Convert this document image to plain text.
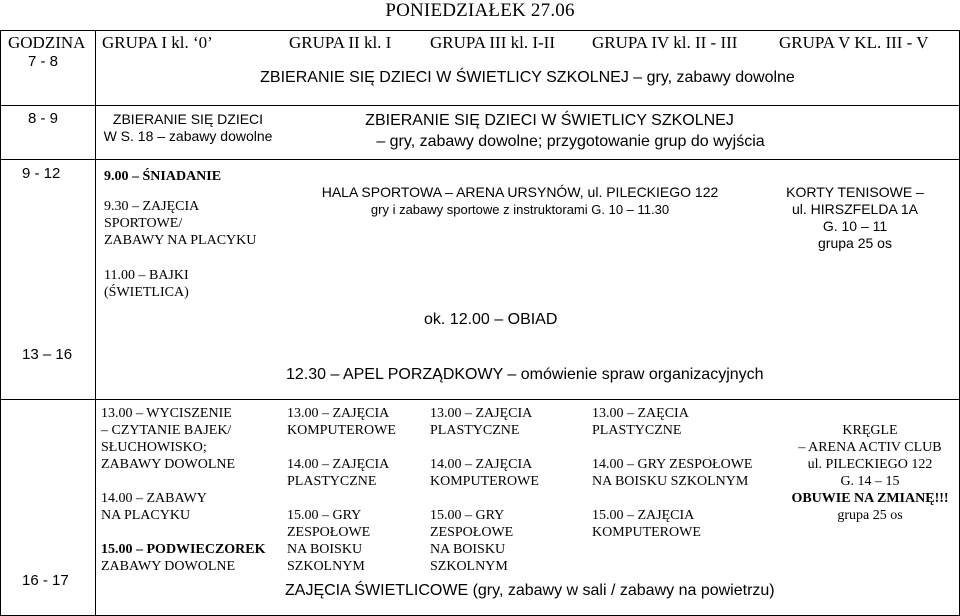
PONIEDZIAŁEK 27.06
GODZINA GRUPA I kl. ‘0’	GRUPA II kl. I GRUPA III kl. I-II GRUPA IV kl. II - III GRUPA V KL. III - V
7 - 8
8 - 9
9 - 12
13 – 16
16 - 17
ZBIERANIE SIĘ DZIECI W ŚWIETLICY SZKOLNEJ – gry, zabawy dowolne

ZBIERANIE SIĘ DZIECI

W S. 18 – zabawy dowolne

ZBIERANIE SIĘ DZIECI W ŚWIETLICY SZKOLNEJ

– gry, zabawy dowolne; przygotowanie grup do wyjścia

9.00 – ŚNIADANIE

9.30 – ZAJĘCIA

SPORTOWE/

ZABAWY NA PLACYKU

11.00 – BAJKI

(ŚWIETLICA)

HALA SPORTOWA – ARENA URSYNÓW, ul. PILECKIEGO 122

gry i zabawy sportowe z instruktorami G. 10 – 11.30

KORTY TENISOWE –

ul. HIRSZFELDA 1A

G. 10 – 11

grupa 25 os

ok. 12.00 – OBIAD
12.30 – APEL PORZĄDKOWY – omówienie spraw organizacyjnych

13.00 – WYCISZENIE

– CZYTANIE BAJEK/

SŁUCHOWISKO;

ZABAWY DOWOLNE

14.00 – ZABAWY

NA PLACYKU

15.00 – PODWIECZOREK

ZABAWY DOWOLNE

13.00 – ZAJĘCIA

KOMPUTEROWE

14.00 – ZAJĘCIA

PLASTYCZNE

15.00 – GRY

ZESPOŁOWE

NA BOISKU

SZKOLNYM

13.00 – ZAJĘCIA

PLASTYCZNE

14.00 – ZAJĘCIA

KOMPUTEROWE

15.00 – GRY

ZESPOŁOWE

NA BOISKU

SZKOLNYM

13.00 – ZAĘCIA

PLASTYCZNE

14.00 – GRY ZESPOŁOWE

NA BOISKU SZKOLNYM

15.00 – ZAJĘCIA

KOMPUTEROWE

KRĘGLE

– ARENA ACTIV CLUB

ul. PILECKIEGO 122

G. 14 – 15

OBUWIE NA ZMIANĘ!!!

grupa 25 os

ZAJĘCIA ŚWIETLICOWE (gry, zabawy w sali / zabawy na powietrzu)
